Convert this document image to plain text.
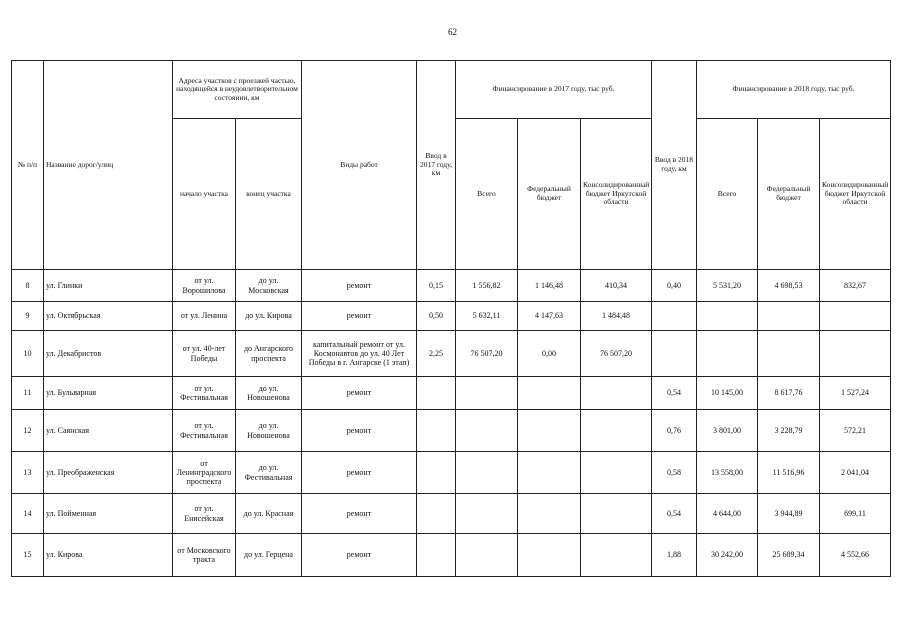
62
№ п/п	Название дорог/улиц	Адреса участков с проезжей частью, находящейся в неудовлетворительном состоянии, км		Виды работ	Ввод в 2017 году, км	Финансирование в 2017 году, тыс руб.			Ввод в 2018 году, км	Финансирование в 2018 году, тыс руб.		
		начало участка	конец участка			Всего	Федеральный бюджет	Консолидированный бюджет Иркутской области		Всего	Федеральный бюджет	Консолидированный бюджет Иркутской области
8	ул. Глинки	от ул. Ворошилова	до ул. Московская	ремонт	0,15	1 556,82	1 146,48	410,34	0,40	5 531,20	4 698,53	832,67
9	ул. Октябрьская	от ул. Ленина	до ул. Кирова	ремонт	0,50	5 632,11	4 147,63	1 484,48				
10	ул. Декабристов	от ул. 40-лет Победы	до Ангарского проспекта	капитальный ремонт от ул. Космонавтов до ул. 40 Лет Победы в г. Ангарске (1 этап)	2,25	76 507,20	0,00	76 507,20				
11	ул. Бульварная	от ул. Фестивальная	до ул. Новошенова	ремонт					0,54	10 145,00	8 617,76	1 527,24
12	ул. Саянская	от ул. Фестивальная	до ул. Новошенова	ремонт					0,76	3 801,00	3 228,79	572,21
13	ул. Преображенская	от Ленинградского проспекта	до ул. Фестивальная	ремонт					0,58	13 558,00	11 516,96	2 041,04
14	ул. Пойменная	от ул. Енисейская	до ул. Красная	ремонт					0,54	4 644,00	3 944,89	699,11
15	ул. Кирова	от Московского тракта	до ул. Герцена	ремонт					1,88	30 242,00	25 689,34	4 552,66
